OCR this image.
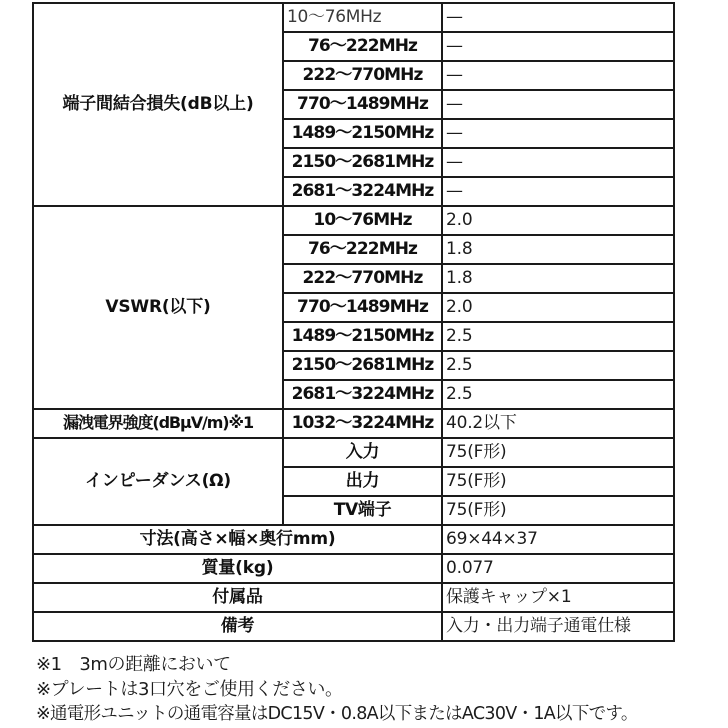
端子間結合損失(dB以上)	10～76MHz	—
	76～222MHz	—
	222～770MHz	—
	770～1489MHz	—
	1489～2150MHz	—
	2150～2681MHz	—
	2681～3224MHz	—
VSWR(以下)	10～76MHz	2.0
	76～222MHz	1.8
	222～770MHz	1.8
	770～1489MHz	2.0
	1489～2150MHz	2.5
	2150～2681MHz	2.5
	2681～3224MHz	2.5
漏洩電界強度(dBμV/m)※1	1032～3224MHz	40.2以下
インピーダンス(Ω)	入力	75(F形)
	出力	75(F形)
	TV端子	75(F形)
寸法(高さ×幅×奥行mm)		69×44×37
質量(kg)		0.077
付属品		保護キャップ×1
備考		入力・出力端子通電仕様
※1　3mの距離において
※プレートは3口穴をご使用ください。
※通電形ユニットの通電容量はDC15V・0.8A以下またはAC30V・1A以下です。
